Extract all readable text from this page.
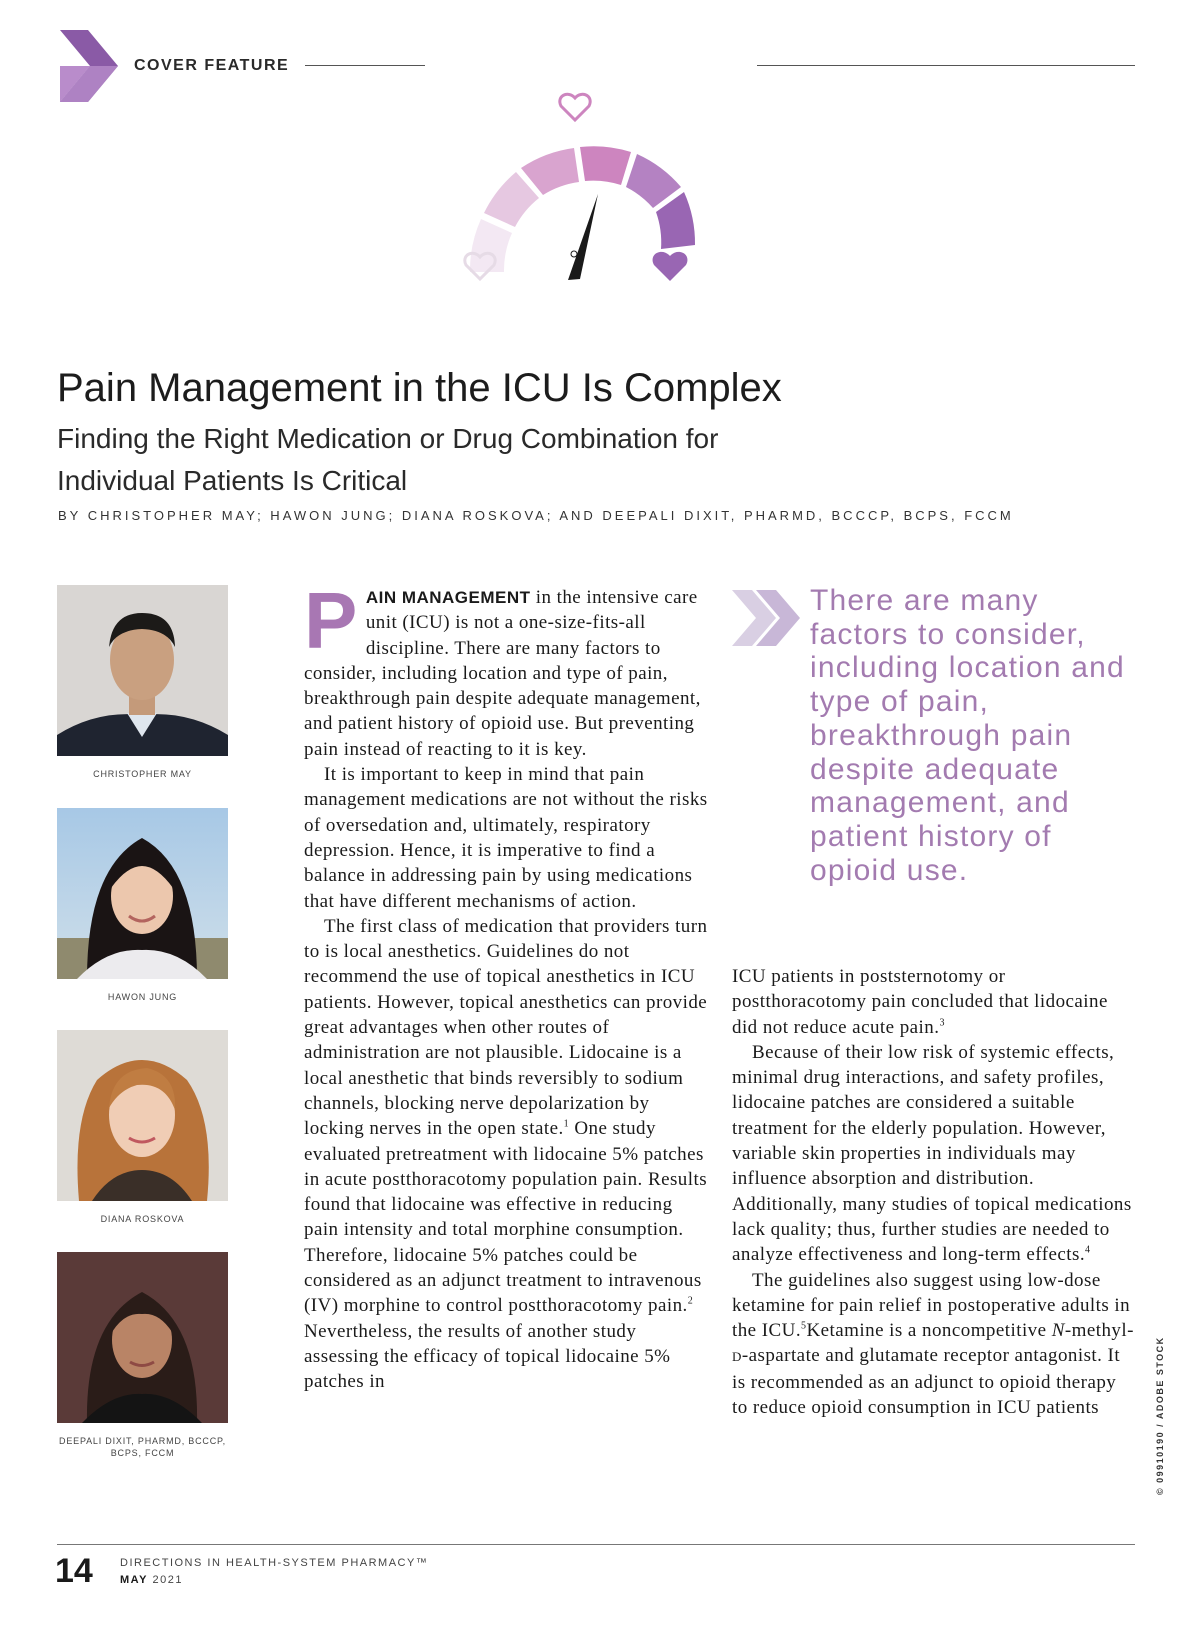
COVER FEATURE
Pain Management in the ICU Is Complex
Finding the Right Medication or Drug Combination for
Individual Patients Is Critical
BY CHRISTOPHER MAY; HAWON JUNG; DIANA ROSKOVA; AND DEEPALI DIXIT, PHARMD, BCCCP, BCPS, FCCM
CHRISTOPHER MAY
HAWON JUNG
DIANA ROSKOVA
DEEPALI DIXIT, PHARMD, BCCCP,
BCPS, FCCM

PAIN MANAGEMENT in the intensive care unit (ICU) is not a one-size-fits-all discipline. There are many factors to consider, including location and type of pain, breakthrough pain despite adequate management, and patient history of opioid use. But preventing pain instead of reacting to it is key.

It is important to keep in mind that pain management medications are not without the risks of oversedation and, ultimately, respiratory depression. Hence, it is imperative to find a balance in addressing pain by using medications that have different mechanisms of action.

The first class of medication that providers turn to is local anesthetics. Guidelines do not recommend the use of topical anesthetics in ICU patients. However, topical anesthetics can provide great advantages when other routes of administration are not plausible. Lidocaine is a local anesthetic that binds reversibly to sodium channels, blocking nerve depolarization by locking nerves in the open state.$^1$ One study evaluated pretreatment with lidocaine 5% patches in acute postthoracotomy population pain. Results found that lidocaine was effective in reducing pain intensity and total morphine consumption. Therefore, lidocaine 5% patches could be considered as an adjunct treatment to intravenous (IV) morphine to control postthoracotomy pain.$^2$ Nevertheless, the results of another study assessing the efficacy of topical lidocaine 5% patches in

There are many factors to consider, including location and type of pain, breakthrough pain despite adequate management, and patient history of opioid use.

ICU patients in poststernotomy or postthoracotomy pain concluded that lidocaine did not reduce acute pain.$^3$

Because of their low risk of systemic effects, minimal drug interactions, and safety profiles, lidocaine patches are considered a suitable treatment for the elderly population. However, variable skin properties in individuals may influence absorption and distribution. Additionally, many studies of topical medications lack quality; thus, further studies are needed to analyze effectiveness and long-term effects.$^4$

The guidelines also suggest using low-dose ketamine for pain relief in postoperative adults in the ICU.$^5$Ketamine is a noncompetitive N-methyl-D-aspartate and glutamate receptor antagonist. It is recommended as an adjunct to opioid therapy to reduce opioid consumption in ICU patients	© 09910190 / ADOBE STOCK
14 DIRECTIONS IN HEALTH-SYSTEM PHARMACY™
MAY 2021
